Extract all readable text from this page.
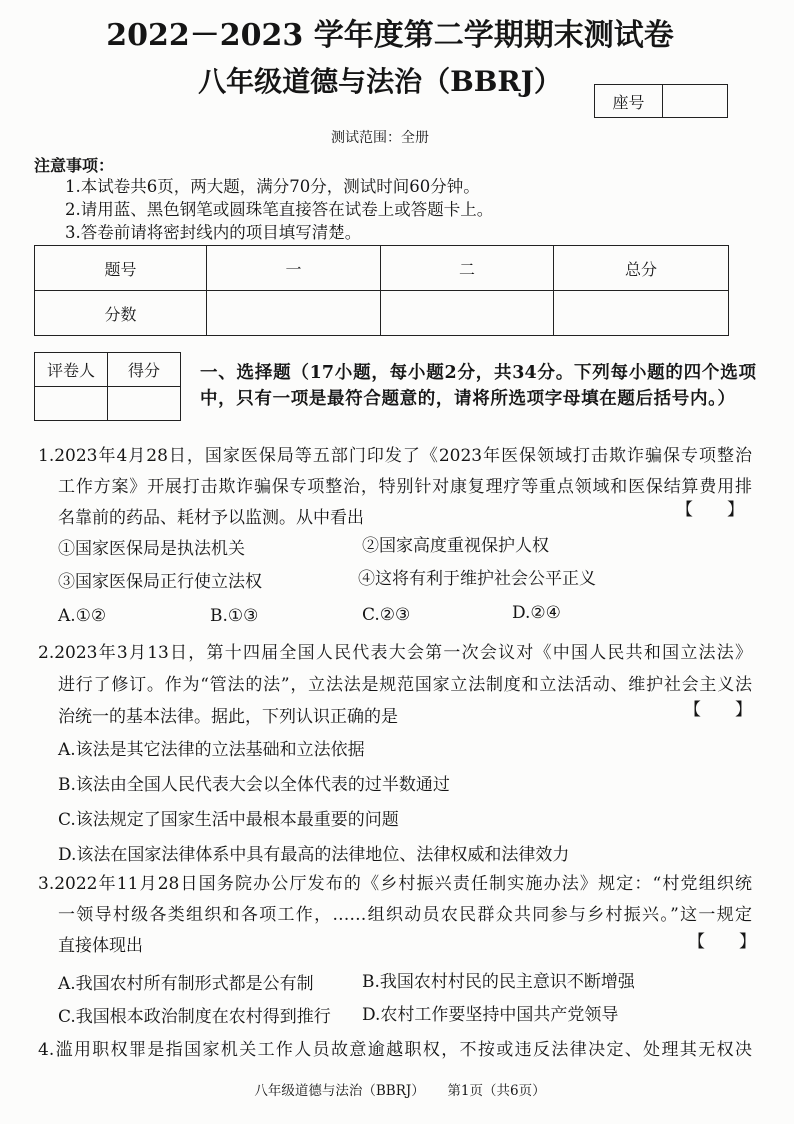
2022－2023 学年度第二学期期末测试卷
八年级道德与法治（BBRJ）
座号
测试范围：全册
注意事项：
1.本试卷共6页，两大题，满分70分，测试时间60分钟。
2.请用蓝、黑色钢笔或圆珠笔直接答在试卷上或答题卡上。
3.答卷前请将密封线内的项目填写清楚。
题号	一	二	总分
分数			
评卷人	得分
	一、选择题（17小题，每小题2分，共34分。下列每小题的四个选项
中，只有一项是最符合题意的，请将所选项字母填在题后括号内。）
1.2023年4月28日，国家医保局等五部门印发了《2023年医保领域打击欺诈骗保专项整治
工作方案》开展打击欺诈骗保专项整治，特别针对康复理疗等重点领域和医保结算费用排
名靠前的药品、耗材予以监测。从中看出	【　　】
①国家医保局是执法机关	②国家高度重视保护人权
③国家医保局正行使立法权	④这将有利于维护社会公平正义
A.①②	B.①③	C.②③	D.②④
2.2023年3月13日，第十四届全国人民代表大会第一次会议对《中国人民共和国立法法》
进行了修订。作为“管法的法”，立法法是规范国家立法制度和立法活动、维护社会主义法
治统一的基本法律。据此，下列认识正确的是	【　　】
A.该法是其它法律的立法基础和立法依据
B.该法由全国人民代表大会以全体代表的过半数通过
C.该法规定了国家生活中最根本最重要的问题
D.该法在国家法律体系中具有最高的法律地位、法律权威和法律效力
3.2022年11月28日国务院办公厅发布的《乡村振兴责任制实施办法》规定：“村党组织统
一领导村级各类组织和各项工作，……组织动员农民群众共同参与乡村振兴。”这一规定
直接体现出	【　　】
A.我国农村所有制形式都是公有制	B.我国农村村民的民主意识不断增强
C.我国根本政治制度在农村得到推行 D.农村工作要坚持中国共产党领导
4.滥用职权罪是指国家机关工作人员故意逾越职权，不按或违反法律决定、处理其无权决
八年级道德与法治（BBRJ） 第1页（共6页）
